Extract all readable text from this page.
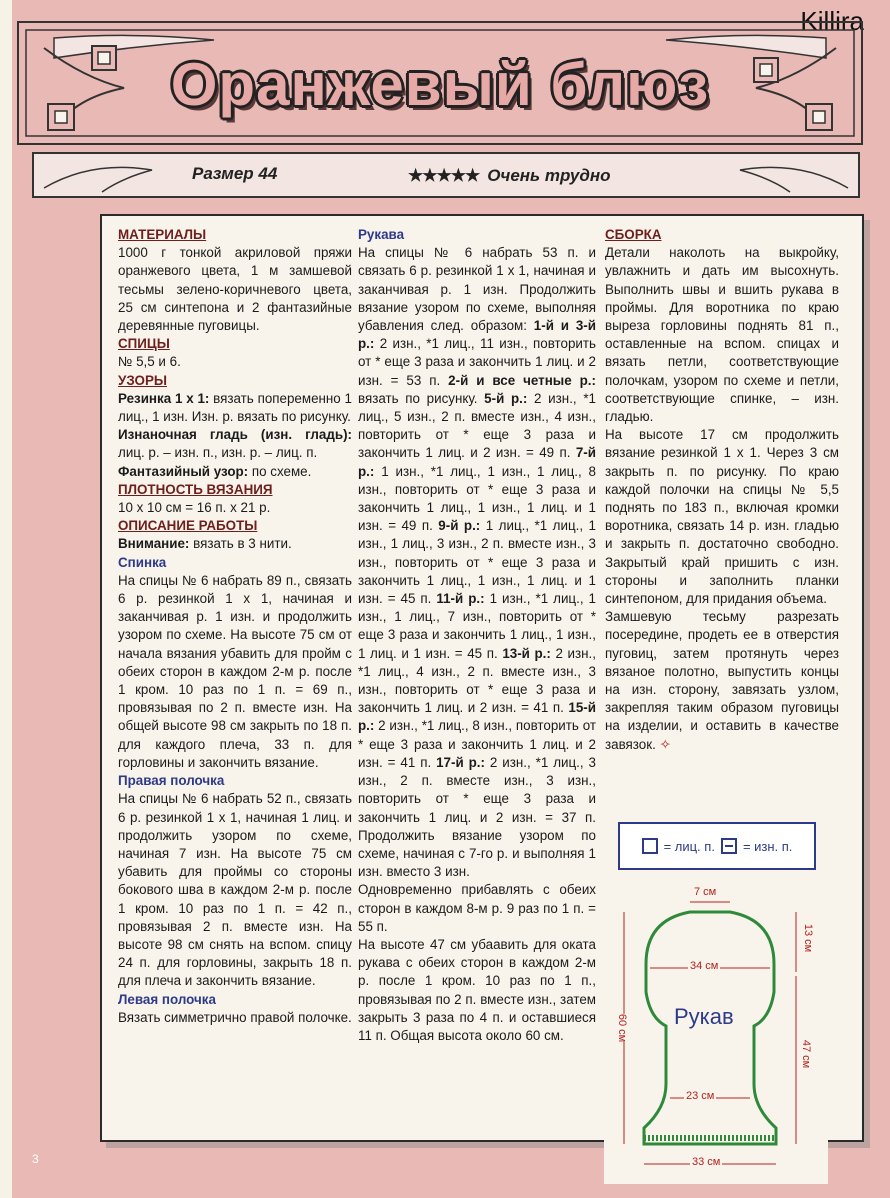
Killira
Оранжевый блюз
Размер 44	★★★★★ Очень трудно
МАТЕРИАЛЫ

1000 г тонкой акриловой пряжи оранжевого цвета, 1 м замшевой тесьмы зелено-коричневого цвета, 25 см синтепона и 2 фантазийные деревянные пуговицы.

СПИЦЫ

№ 5,5 и 6.

УЗОРЫ

Резинка 1 х 1: вязать попеременно 1 лиц., 1 изн. Изн. р. вязать по рисунку.

Изнаночная гладь (изн. гладь): лиц. р. – изн. п., изн. р. – лиц. п.

Фантазийный узор: по схеме.

ПЛОТНОСТЬ ВЯЗАНИЯ

10 х 10 см = 16 п. х 21 р.

ОПИСАНИЕ РАБОТЫ

Внимание: вязать в 3 нити.

Спинка

На спицы № 6 набрать 89 п., связать 6 р. резинкой 1 х 1, начиная и заканчивая р. 1 изн. и продолжить узором по схеме. На высоте 75 см от начала вязания убавить для пройм с обеих сторон в каждом 2-м р. после 1 кром. 10 раз по 1 п. = 69 п., провязывая по 2 п. вместе изн. На общей высоте 98 см закрыть по 18 п. для каждого плеча, 33 п. для горловины и закончить вязание.

Правая полочка

На спицы № 6 набрать 52 п., связать 6 р. резинкой 1 х 1, начиная 1 лиц. и продолжить узором по схеме, начиная 7 изн. На высоте 75 см убавить для проймы со стороны бокового шва в каждом 2-м р. после 1 кром. 10 раз по 1 п. = 42 п., провязывая 2 п. вместе изн. На высоте 98 см снять на вспом. спицу 24 п. для горловины, закрыть 18 п. для плеча и закончить вязание.

Левая полочка

Вязать симметрично правой полочке.

Рукава

На спицы № 6 набрать 53 п. и связать 6 р. резинкой 1 х 1, начиная и заканчивая р. 1 изн. Продолжить вязание узором по схеме, выполняя убавления след. образом: 1-й и 3-й р.: 2 изн., *1 лиц., 11 изн., повторить от * еще 3 раза и закончить 1 лиц. и 2 изн. = 53 п. 2-й и все четные р.: вязать по рисунку. 5-й р.: 2 изн., *1 лиц., 5 изн., 2 п. вместе изн., 4 изн., повторить от * еще 3 раза и закончить 1 лиц. и 2 изн. = 49 п. 7-й р.: 1 изн., *1 лиц., 1 изн., 1 лиц., 8 изн., повторить от * еще 3 раза и закончить 1 лиц., 1 изн., 1 лиц. и 1 изн. = 49 п. 9-й р.: 1 лиц., *1 лиц., 1 изн., 1 лиц., 3 изн., 2 п. вместе изн., 3 изн., повторить от * еще 3 раза и закончить 1 лиц., 1 изн., 1 лиц. и 1 изн. = 45 п. 11-й р.: 1 изн., *1 лиц., 1 изн., 1 лиц., 7 изн., повторить от * еще 3 раза и закончить 1 лиц., 1 изн., 1 лиц. и 1 изн. = 45 п. 13-й р.: 2 изн., *1 лиц., 4 изн., 2 п. вместе изн., 3 изн., повторить от * еще 3 раза и закончить 1 лиц. и 2 изн. = 41 п. 15-й р.: 2 изн., *1 лиц., 8 изн., повторить от * еще 3 раза и закончить 1 лиц. и 2 изн. = 41 п. 17-й р.: 2 изн., *1 лиц., 3 изн., 2 п. вместе изн., 3 изн., повторить от * еще 3 раза и закончить 1 лиц. и 2 изн. = 37 п. Продолжить вязание узором по схеме, начиная с 7-го р. и выполняя 1 изн. вместо 3 изн.

Одновременно прибавлять с обеих сторон в каждом 8-м р. 9 раз по 1 п. = 55 п.

На высоте 47 см убаавить для оката рукава с обеих сторон в каждом 2-м р. после 1 кром. 10 раз по 1 п., провязывая по 2 п. вместе изн., затем закрыть 3 раза по 4 п. и оставшиеся 11 п. Общая высота около 60 см.

СБОРКА

Детали наколоть на выкройку, увлажнить и дать им высохнуть. Выполнить швы и вшить рукава в проймы. Для воротника по краю выреза горловины поднять 81 п., оставленные на вспом. спицах и вязать петли, соответствующие полочкам, узором по схеме и петли, соответствующие спинке, – изн. гладью.

На высоте 17 см продолжить вязание резинкой 1 х 1. Через 3 см закрыть п. по рисунку. По краю каждой полочки на спицы № 5,5 поднять по 183 п., включая кромки воротника, связать 14 р. изн. гладью и закрыть п. достаточно свободно. Закрытый край пришить с изн. стороны и заполнить планки синтепоном, для придания объема.

Замшевую тесьму разрезать посередине, продеть ее в отверстия пуговиц, затем протянуть через вязаное полотно, выпустить концы на изн. сторону, завязать узлом, закрепляя таким образом пуговицы на изделии, и оставить в качестве завязок. ✧

= лиц. п. = изн. п.
7 см
34 см
23 см
33 см
13 см
47 см
60 см Рукав
3
